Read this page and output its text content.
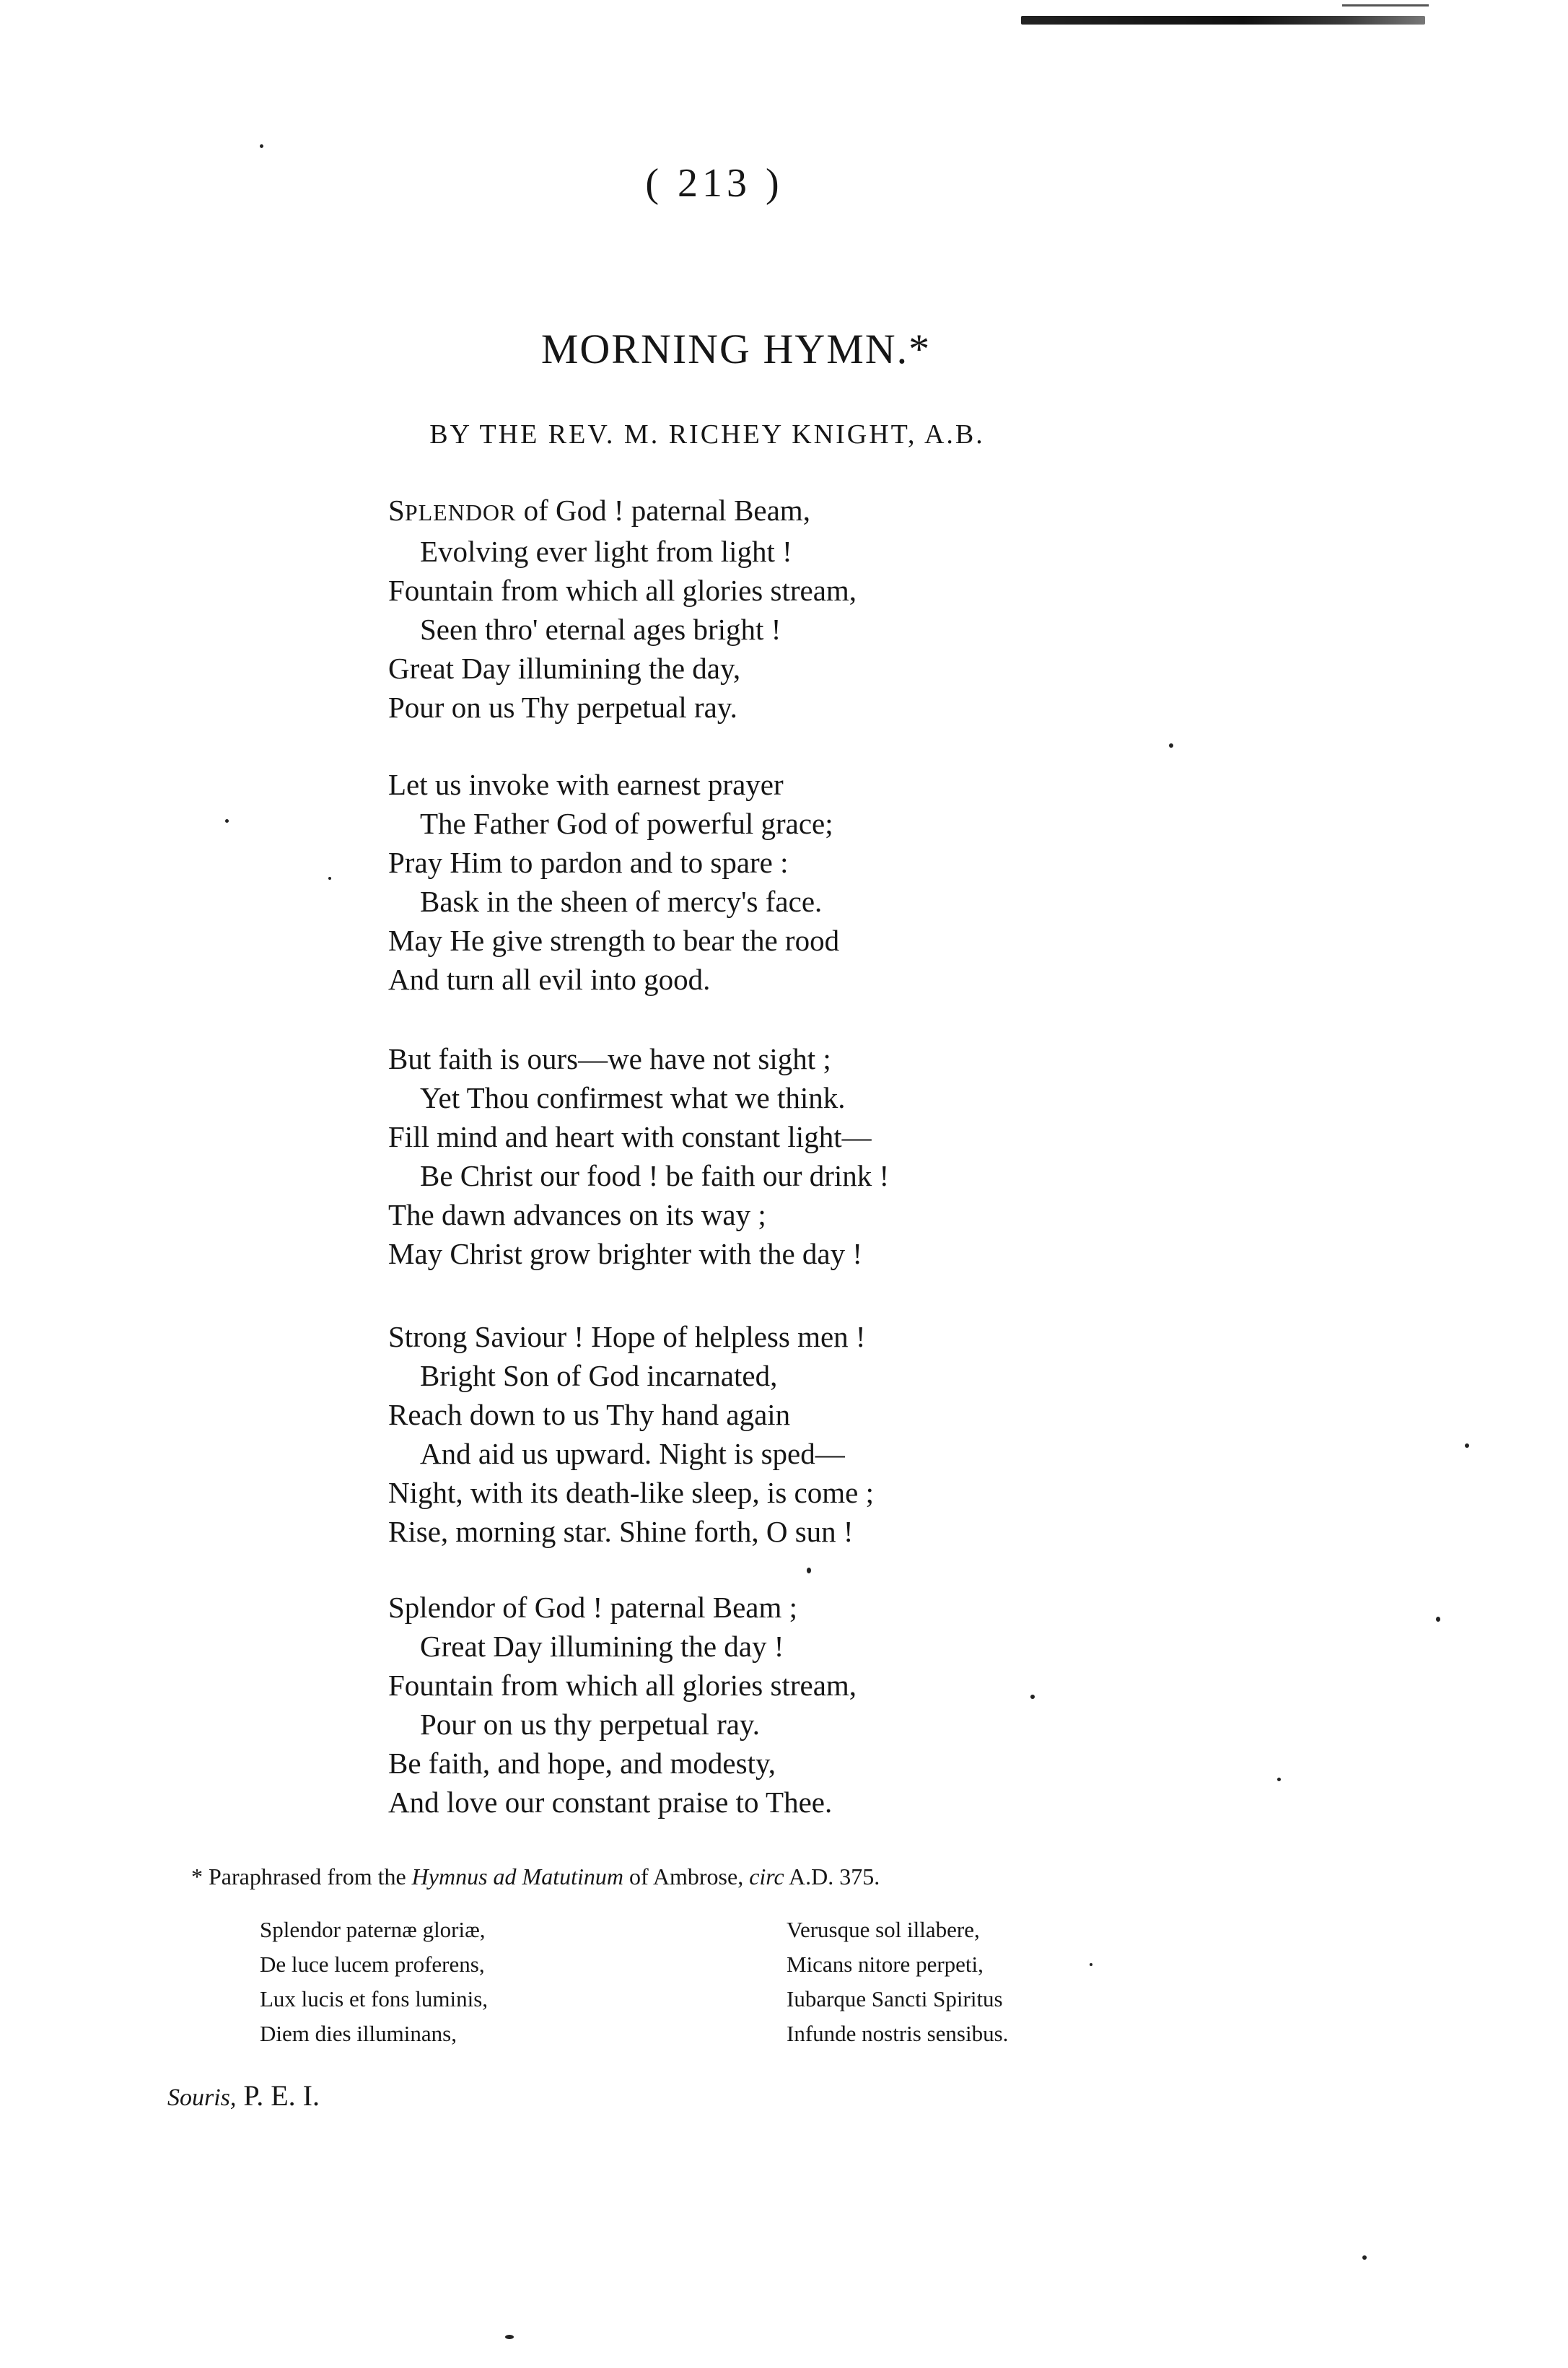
( 213 )
MORNING HYMN.*
BY THE REV. M. RICHEY KNIGHT, A.B.
SPLENDOR of God ! paternal Beam,
Evolving ever light from light !
Fountain from which all glories stream,
Seen thro' eternal ages bright !
Great Day illumining the day,
Pour on us Thy perpetual ray.
Let us invoke with earnest prayer
The Father God of powerful grace;
Pray Him to pardon and to spare :
Bask in the sheen of mercy's face.
May He give strength to bear the rood
And turn all evil into good.
But faith is ours—we have not sight ;
Yet Thou confirmest what we think.
Fill mind and heart with constant light—
Be Christ our food ! be faith our drink !
The dawn advances on its way ;
May Christ grow brighter with the day !
Strong Saviour ! Hope of helpless men !
Bright Son of God incarnated,
Reach down to us Thy hand again
And aid us upward. Night is sped—
Night, with its death-like sleep, is come ;
Rise, morning star. Shine forth, O sun !
Splendor of God ! paternal Beam ;
Great Day illumining the day !
Fountain from which all glories stream,
Pour on us thy perpetual ray.
Be faith, and hope, and modesty,
And love our constant praise to Thee.
* Paraphrased from the Hymnus ad Matutinum of Ambrose, circ A.D. 375.
Splendor paternæ gloriæ,
De luce lucem proferens,
Lux lucis et fons luminis,
Diem dies illuminans,
Verusque sol illabere,
Micans nitore perpeti,
Iubarque Sancti Spiritus
Infunde nostris sensibus.
Souris, P. E. I.
